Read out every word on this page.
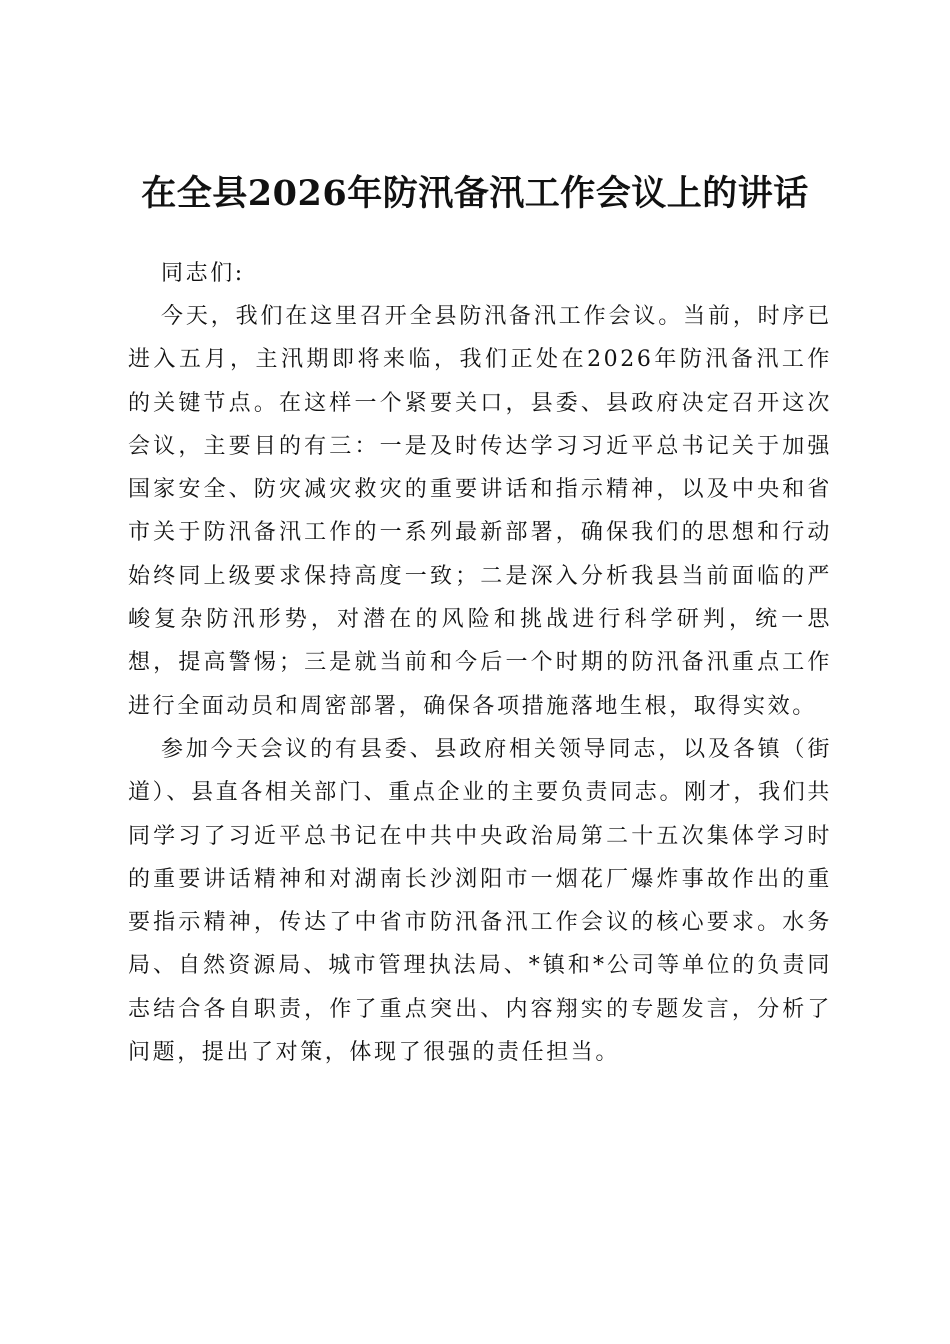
在全县2026年防汛备汛工作会议上的讲话

同志们:

今天，我们在这里召开全县防汛备汛工作会议。当前，时序已进入五月，主汛期即将来临，我们正处在2026年防汛备汛工作的关键节点。在这样一个紧要关口，县委、县政府决定召开这次会议，主要目的有三：一是及时传达学习习近平总书记关于加强国家安全、防灾减灾救灾的重要讲话和指示精神，以及中央和省市关于防汛备汛工作的一系列最新部署，确保我们的思想和行动始终同上级要求保持高度一致；二是深入分析我县当前面临的严峻复杂防汛形势，对潜在的风险和挑战进行科学研判，统一思想，提高警惕；三是就当前和今后一个时期的防汛备汛重点工作进行全面动员和周密部署，确保各项措施落地生根，取得实效。

参加今天会议的有县委、县政府相关领导同志，以及各镇（街道）、县直各相关部门、重点企业的主要负责同志。刚才，我们共同学习了习近平总书记在中共中央政治局第二十五次集体学习时的重要讲话精神和对湖南长沙浏阳市一烟花厂爆炸事故作出的重要指示精神，传达了中省市防汛备汛工作会议的核心要求。水务局、自然资源局、城市管理执法局、*镇和*公司等单位的负责同志结合各自职责，作了重点突出、内容翔实的专题发言，分析了问题，提出了对策，体现了很强的责任担当。
